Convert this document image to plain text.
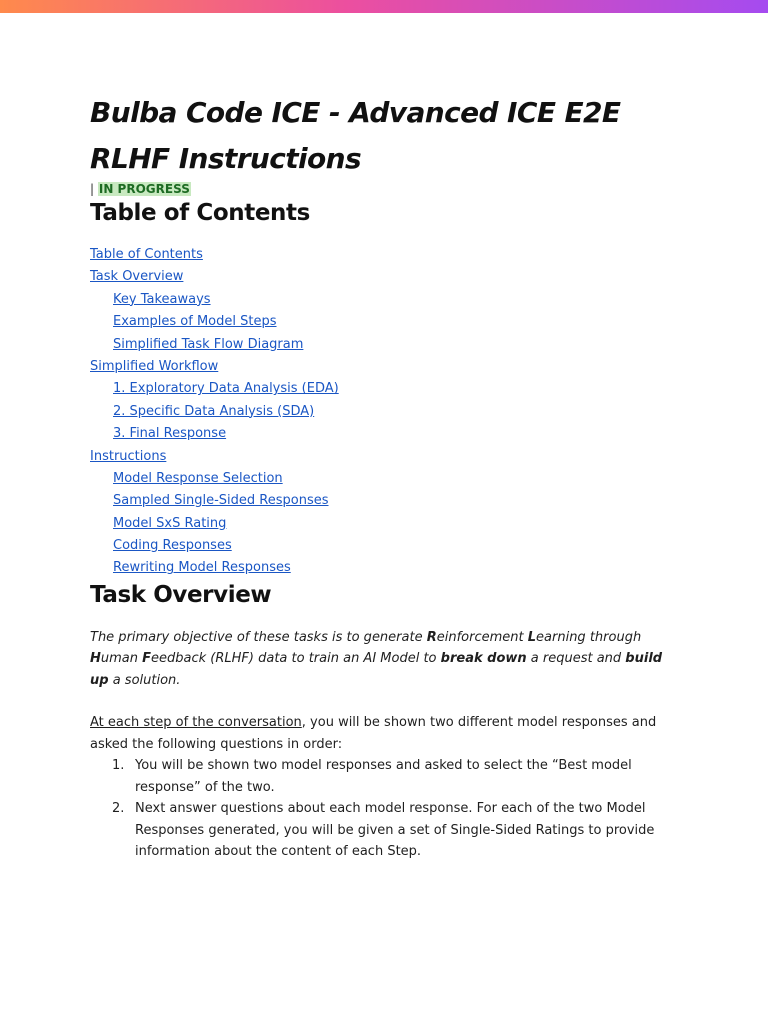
Bulba Code ICE - Advanced ICE E2E RLHF Instructions
| IN PROGRESS
Table of Contents
Table of Contents
Task Overview
Key Takeaways
Examples of Model Steps
Simplified Task Flow Diagram
Simplified Workflow
1. Exploratory Data Analysis (EDA)
2. Specific Data Analysis (SDA)
3. Final Response
Instructions
Model Response Selection
Sampled Single-Sided Responses
Model SxS Rating
Coding Responses
Rewriting Model Responses
Task Overview

The primary objective of these tasks is to generate Reinforcement Learning through Human Feedback (RLHF) data to train an AI Model to break down a request and build up a solution.

At each step of the conversation, you will be shown two different model responses and asked the following questions in order:

1. You will be shown two model responses and asked to select the “Best model response” of the two.
2. Next answer questions about each model response. For each of the two Model Responses generated, you will be given a set of Single-Sided Ratings to provide information about the content of each Step.
